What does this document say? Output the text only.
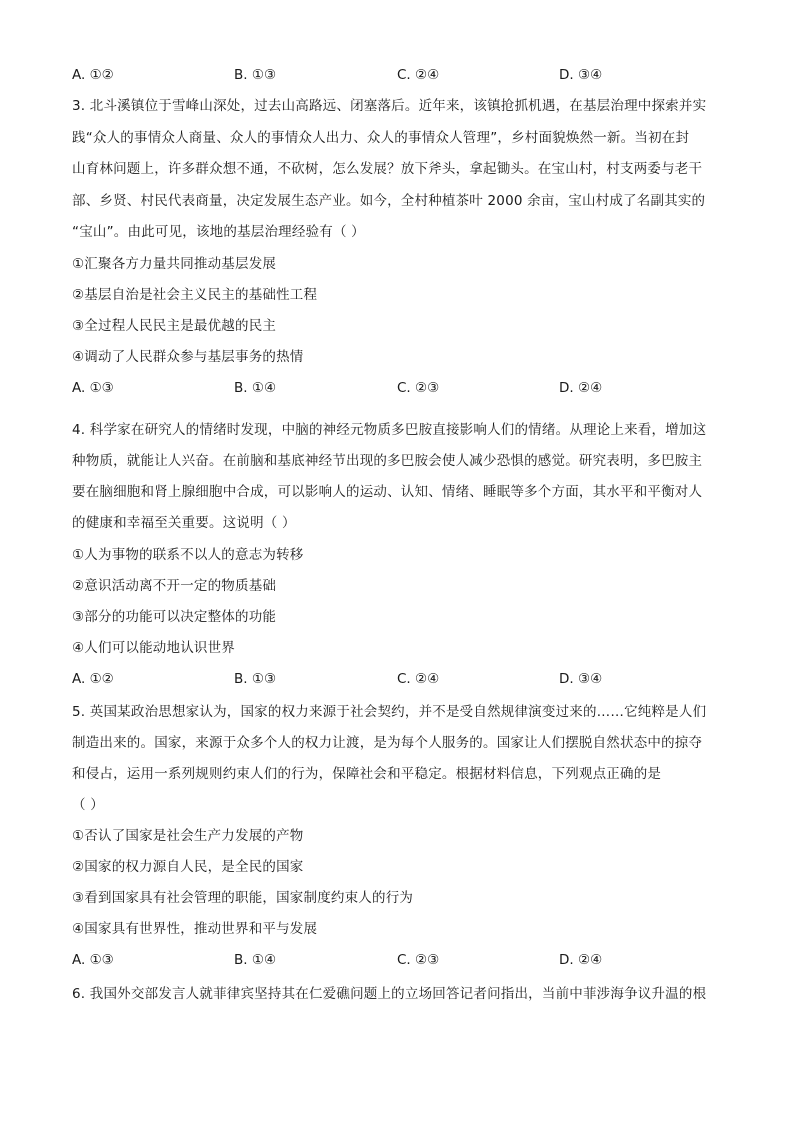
A. ①②	B. ①③	C. ②④	D. ③④
3. 北斗溪镇位于雪峰山深处，过去山高路远、闭塞落后。近年来，该镇抢抓机遇，在基层治理中探索并实
践“众人的事情众人商量、众人的事情众人出力、众人的事情众人管理”，乡村面貌焕然一新。当初在封
山育林问题上，许多群众想不通，不砍树，怎么发展？放下斧头，拿起锄头。在宝山村，村支两委与老干
部、乡贤、村民代表商量，决定发展生态产业。如今，全村种植茶叶 2000 余亩，宝山村成了名副其实的
“宝山”。由此可见，该地的基层治理经验有（ ）
①汇聚各方力量共同推动基层发展
②基层自治是社会主义民主的基础性工程
③全过程人民民主是最优越的民主
④调动了人民群众参与基层事务的热情
A. ①③	B. ①④	C. ②③	D. ②④
4. 科学家在研究人的情绪时发现，中脑的神经元物质多巴胺直接影响人们的情绪。从理论上来看，增加这
种物质，就能让人兴奋。在前脑和基底神经节出现的多巴胺会使人减少恐惧的感觉。研究表明，多巴胺主
要在脑细胞和肾上腺细胞中合成，可以影响人的运动、认知、情绪、睡眠等多个方面，其水平和平衡对人
的健康和幸福至关重要。这说明（ ）
①人为事物的联系不以人的意志为转移
②意识活动离不开一定的物质基础
③部分的功能可以决定整体的功能
④人们可以能动地认识世界
A. ①②	B. ①③	C. ②④	D. ③④
5. 英国某政治思想家认为，国家的权力来源于社会契约，并不是受自然规律演变过来的……它纯粹是人们
制造出来的。国家，来源于众多个人的权力让渡，是为每个人服务的。国家让人们摆脱自然状态中的掠夺
和侵占，运用一系列规则约束人们的行为，保障社会和平稳定。根据材料信息，下列观点正确的是
（ ）
①否认了国家是社会生产力发展的产物
②国家的权力源自人民，是全民的国家
③看到国家具有社会管理的职能，国家制度约束人的行为
④国家具有世界性，推动世界和平与发展
A. ①③	B. ①④	C. ②③	D. ②④
6. 我国外交部发言人就菲律宾坚持其在仁爱礁问题上的立场回答记者问指出，当前中菲涉海争议升温的根
